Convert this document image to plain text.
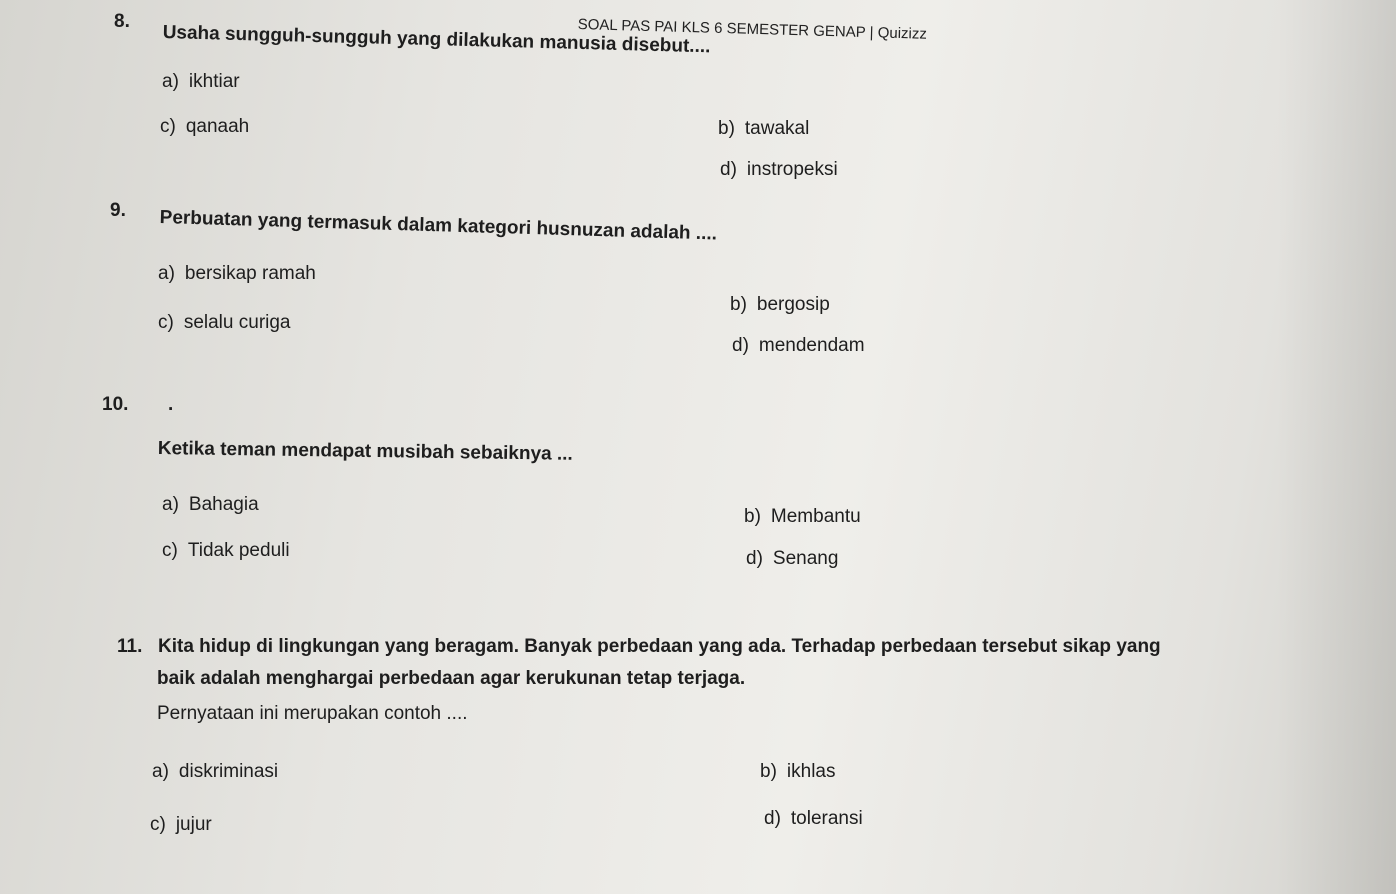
SOAL PAS PAI KLS 6 SEMESTER GENAP | Quizizz
8.
Usaha sungguh-sungguh yang dilakukan manusia disebut....
a) ikhtiar
b) tawakal
c) qanaah
d) instropeksi
9. Perbuatan yang termasuk dalam kategori husnuzan adalah ....
a) bersikap ramah
b) bergosip
c) selalu curiga
d) mendendam
10. .
Ketika teman mendapat musibah sebaiknya ...
a) Bahagia
b) Membantu
c) Tidak peduli	d) Senang
11. Kita hidup di lingkungan yang beragam. Banyak perbedaan yang ada. Terhadap perbedaan tersebut sikap yang
baik adalah menghargai perbedaan agar kerukunan tetap terjaga.
Pernyataan ini merupakan contoh ....
a) diskriminasi	b) ikhlas
c) jujur	d) toleransi
